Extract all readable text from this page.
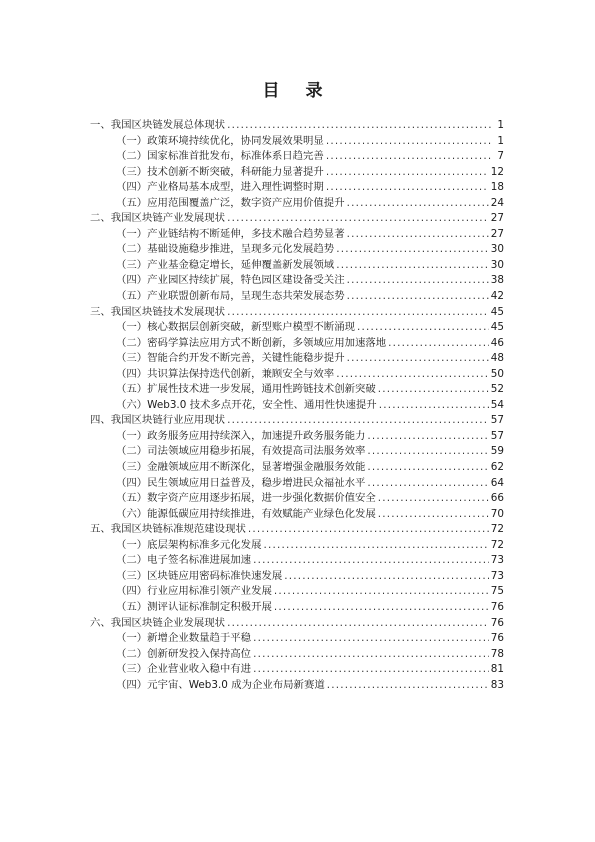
目 录
一、我国区块链发展总体现状 .....	1
（一）政策环境持续优化，协同发展效果明显 .....	1
（二）国家标准首批发布，标准体系日趋完善 .....	7
（三）技术创新不断突破，科研能力显著提升 .....	12
（四）产业格局基本成型，进入理性调整时期 .....	18
（五）应用范围覆盖广泛，数字资产应用价值提升 .....	24
二、我国区块链产业发展现状 .....	27
（一）产业链结构不断延伸，多技术融合趋势显著 .....	27
（二）基础设施稳步推进，呈现多元化发展趋势 .....	30
（三）产业基金稳定增长，延伸覆盖新发展领域 .....	30
（四）产业园区持续扩展，特色园区建设备受关注 .....	38
（五）产业联盟创新布局，呈现生态共荣发展态势 .....	42
三、我国区块链技术发展现状 .....	45
（一）核心数据层创新突破，新型账户模型不断涌现 .....	45
（二）密码学算法应用方式不断创新，多领域应用加速落地 .....	46
（三）智能合约开发不断完善，关键性能稳步提升 .....	48
（四）共识算法保持迭代创新，兼顾安全与效率 .....	50
（五）扩展性技术进一步发展，通用性跨链技术创新突破 .....	52
（六）Web3.0 技术多点开花，安全性、通用性快速提升 .....	54
四、我国区块链行业应用现状 .....	57
（一）政务服务应用持续深入，加速提升政务服务能力 .....	57
（二）司法领域应用稳步拓展，有效提高司法服务效率 .....	59
（三）金融领域应用不断深化，显著增强金融服务效能 .....	62
（四）民生领域应用日益普及，稳步增进民众福祉水平 .....	64
（五）数字资产应用逐步拓展，进一步强化数据价值安全 .....	66
（六）能源低碳应用持续推进，有效赋能产业绿色化发展 .....	70
五、我国区块链标准规范建设现状 .....	72
（一）底层架构标准多元化发展 .....	72
（二）电子签名标准进展加速 .....	73
（三）区块链应用密码标准快速发展 .....	73
（四）行业应用标准引领产业发展 .....	75
（五）测评认证标准制定积极开展 .....	76
六、我国区块链企业发展现状 .....	76
（一）新增企业数量趋于平稳 .....	76
（二）创新研发投入保持高位 .....	78
（三）企业营业收入稳中有进 .....	81
（四）元宇宙、Web3.0 成为企业布局新赛道 .....	83
